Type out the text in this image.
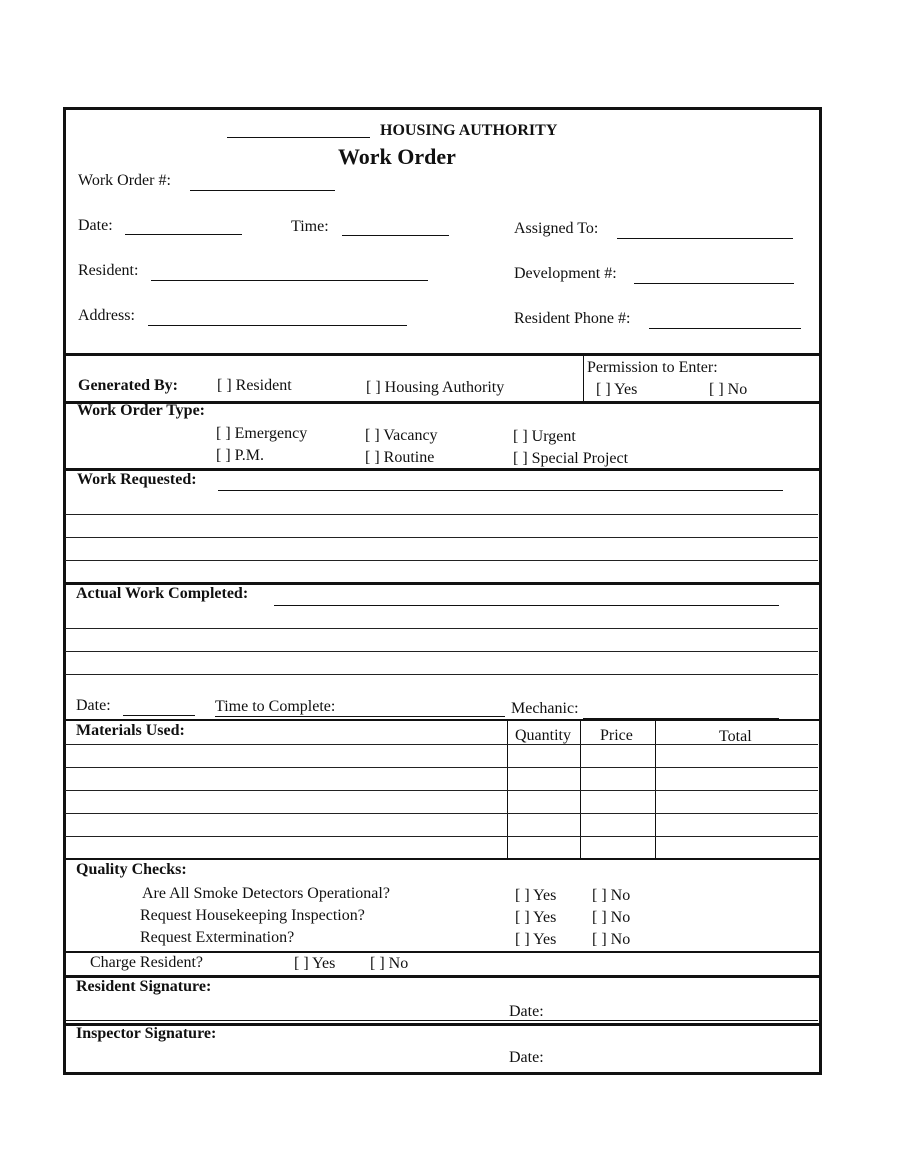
HOUSING AUTHORITY
Work Order
Work Order #:
Date:	Time:	Assigned To:
Resident:	Development #:
Address:	Resident Phone #:
Generated By: [ ] Resident	[ ] Housing Authority
Permission to Enter:
[ ] Yes	[ ] No
Work Order Type:
[ ] Emergency	[ ] Vacancy	[ ] Urgent
[ ] P.M.	[ ] Routine	[ ] Special Project
Work Requested:
Actual Work Completed:
Date:	Time to Complete:	Mechanic:
Materials Used:	Quantity Price	Total
Quality Checks:
Are All Smoke Detectors Operational?	[ ] Yes [ ] No
Request Housekeeping Inspection?	[ ] Yes [ ] No
Request Extermination?	[ ] Yes [ ] No
Charge Resident?	[ ] Yes [ ] No
Resident Signature:
Date:
Inspector Signature:
Date:
